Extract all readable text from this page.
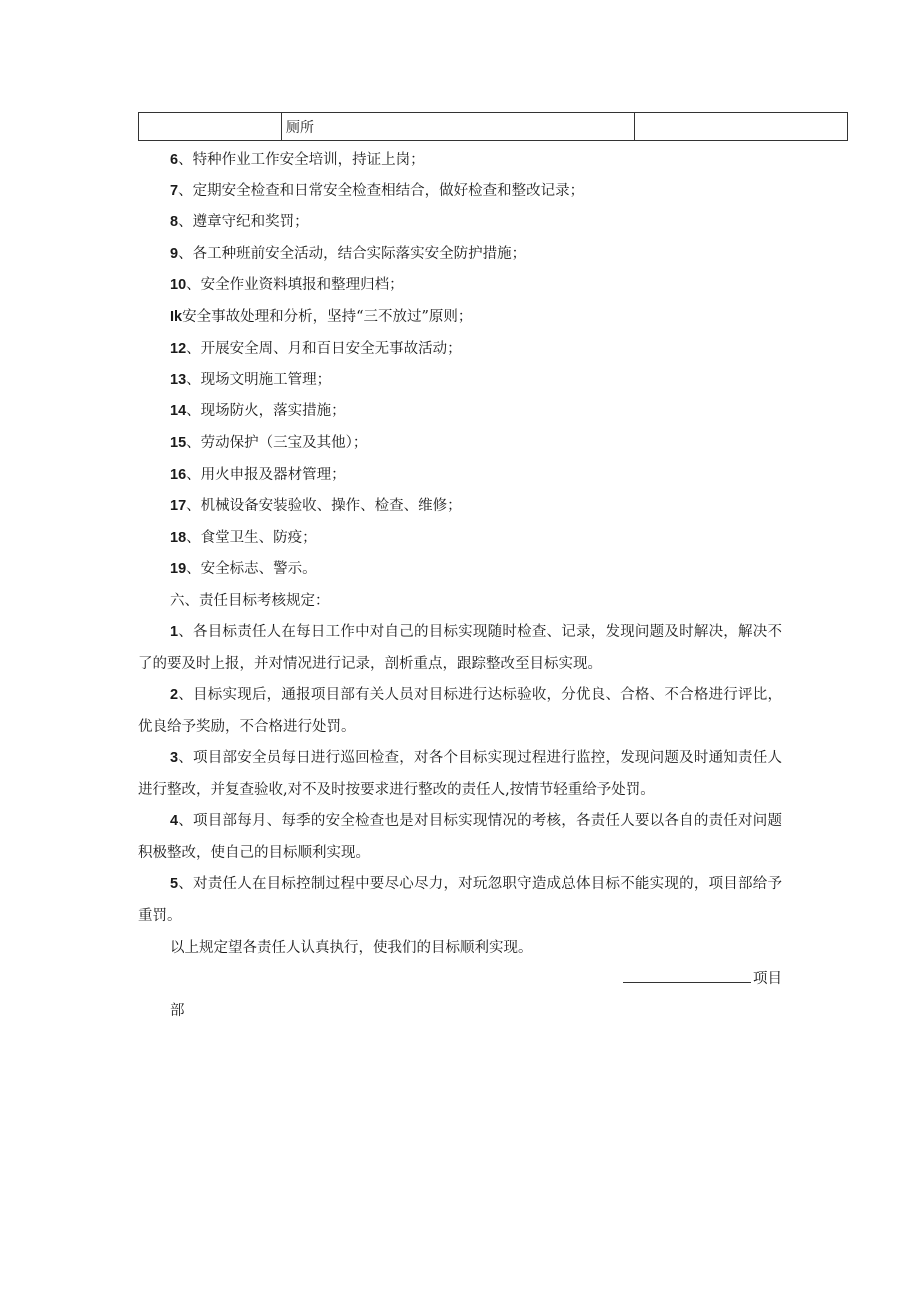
	厕所	
6、特种作业工作安全培训，持证上岗；
7、定期安全检查和日常安全检查相结合，做好检查和整改记录；
8、遵章守纪和奖罚；
9、各工种班前安全活动，结合实际落实安全防护措施；
10、安全作业资料填报和整理归档；
Ik安全事故处理和分析，坚持“三不放过”原则；
12、开展安全周、月和百日安全无事故活动；
13、现场文明施工管理；
14、现场防火，落实措施；
15、劳动保护（三宝及其他）；
16、用火申报及器材管理；
17、机械设备安装验收、操作、检查、维修；
18、食堂卫生、防疫；
19、安全标志、警示。
六、责任目标考核规定：
1、各目标责任人在每日工作中对自己的目标实现随时检查、记录，发现问题及时解决，解决不了的要及时上报，并对情况进行记录，剖析重点，跟踪整改至目标实现。
2、目标实现后，通报项目部有关人员对目标进行达标验收，分优良、合格、不合格进行评比，优良给予奖励，不合格进行处罚。
3、项目部安全员每日进行巡回检查，对各个目标实现过程进行监控，发现问题及时通知责任人进行整改，并复查验收,对不及时按要求进行整改的责任人,按情节轻重给予处罚。
4、项目部每月、每季的安全检查也是对目标实现情况的考核，各责任人要以各自的责任对问题积极整改，使自己的目标顺利实现。
5、对责任人在目标控制过程中要尽心尽力，对玩忽职守造成总体目标不能实现的，项目部给予重罚。
以上规定望各责任人认真执行，使我们的目标顺利实现。
项目
部
